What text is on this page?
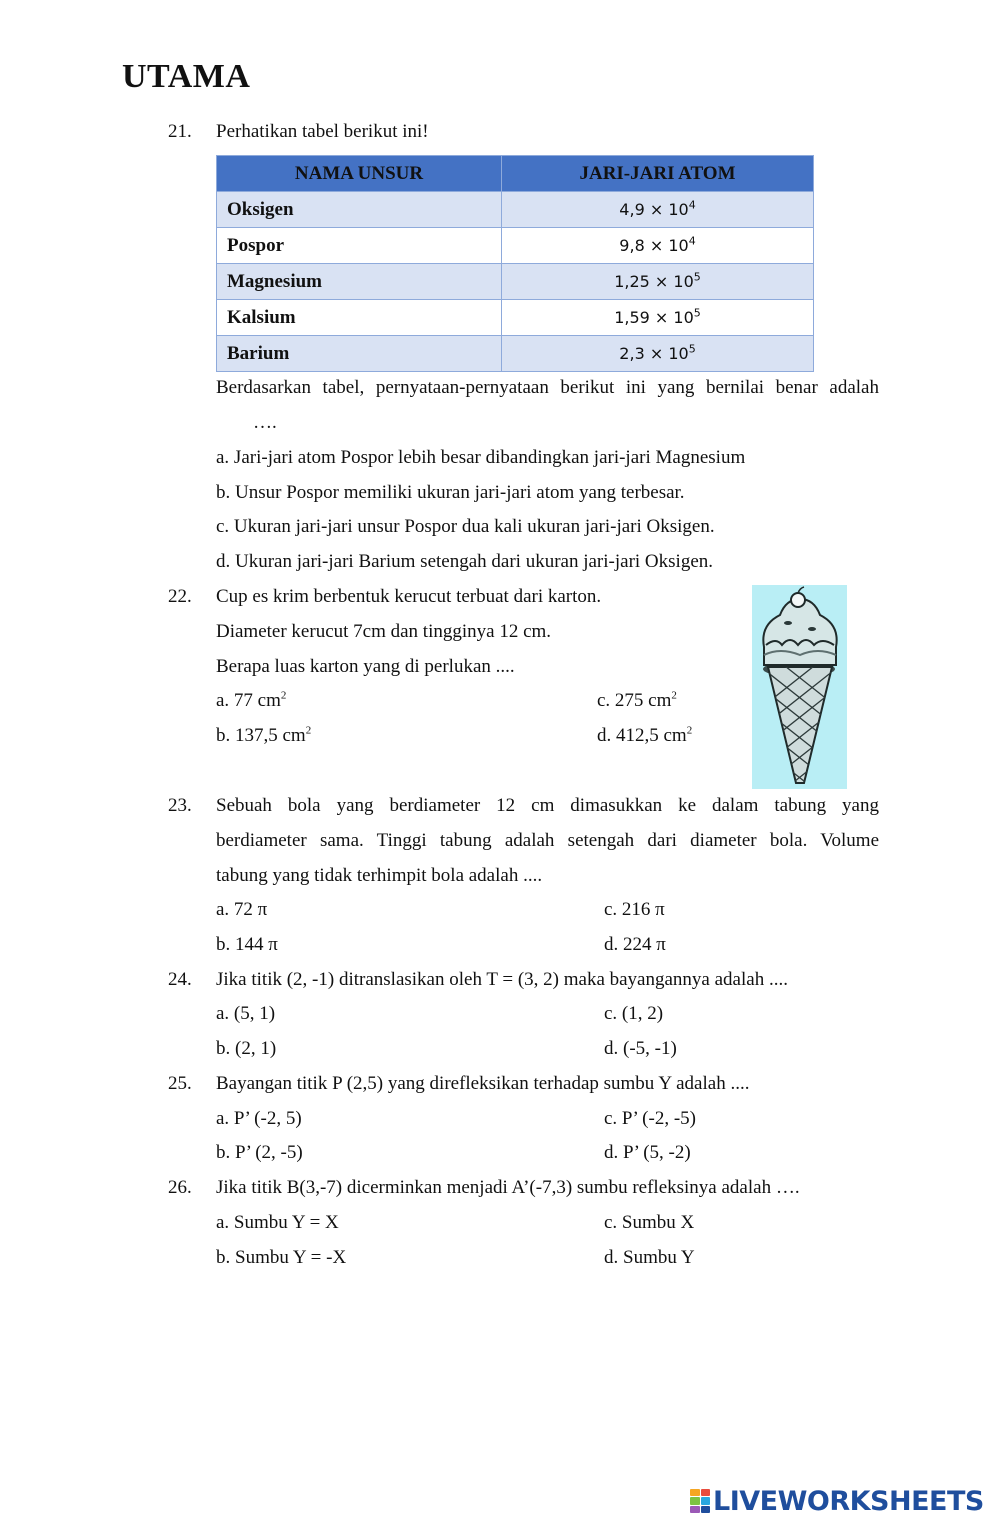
UTAMA
21. Perhatikan tabel berikut ini!
NAMA UNSUR	JARI-JARI ATOM
Oksigen	$4,9 \times 10^4$
Pospor	$9,8 \times 10^4$
Magnesium	$1,25 \times 10^5$
Kalsium	$1,59 \times 10^5$
Barium	$2,3 \times 10^5$
Berdasarkan tabel, pernyataan-pernyataan berikut ini yang bernilai benar adalah
….
a. Jari-jari atom Pospor lebih besar dibandingkan jari-jari Magnesium
b. Unsur Pospor memiliki ukuran jari-jari atom yang terbesar.
c. Ukuran jari-jari unsur Pospor dua kali ukuran jari-jari Oksigen.
d. Ukuran jari-jari Barium setengah dari ukuran jari-jari Oksigen.
22. Cup es krim berbentuk kerucut terbuat dari karton.
Diameter kerucut 7cm dan tingginya 12 cm.
Berapa luas karton yang di perlukan ....
a. 77 $cm^2$
b. 137,5 $cm^2$
c. 275 $cm^2$
d. 412,5 $cm^2$
23. Sebuah bola yang berdiameter 12 cm dimasukkan ke dalam tabung yang
berdiameter sama. Tinggi tabung adalah setengah dari diameter bola. Volume
tabung yang tidak terhimpit bola adalah ....
a. 72 π
b. 144 π
c. 216 π
d. 224 π
24. Jika titik (2, -1) ditranslasikan oleh T = (3, 2) maka bayangannya adalah ....
a. (5, 1)
b. (2, 1)
c. (1, 2)
d. (-5, -1)
25. Bayangan titik P (2,5) yang direfleksikan terhadap sumbu Y adalah ....
a. P’ (-2, 5)
b. P’ (2, -5)
c. P’ (-2, -5)
d. P’ (5, -2)
26. Jika titik B(3,-7) dicerminkan menjadi A’(-7,3) sumbu refleksinya adalah ….
a. Sumbu Y = X
b. Sumbu Y = -X
c. Sumbu X
d. Sumbu Y
LIVEWORKSHEETS
